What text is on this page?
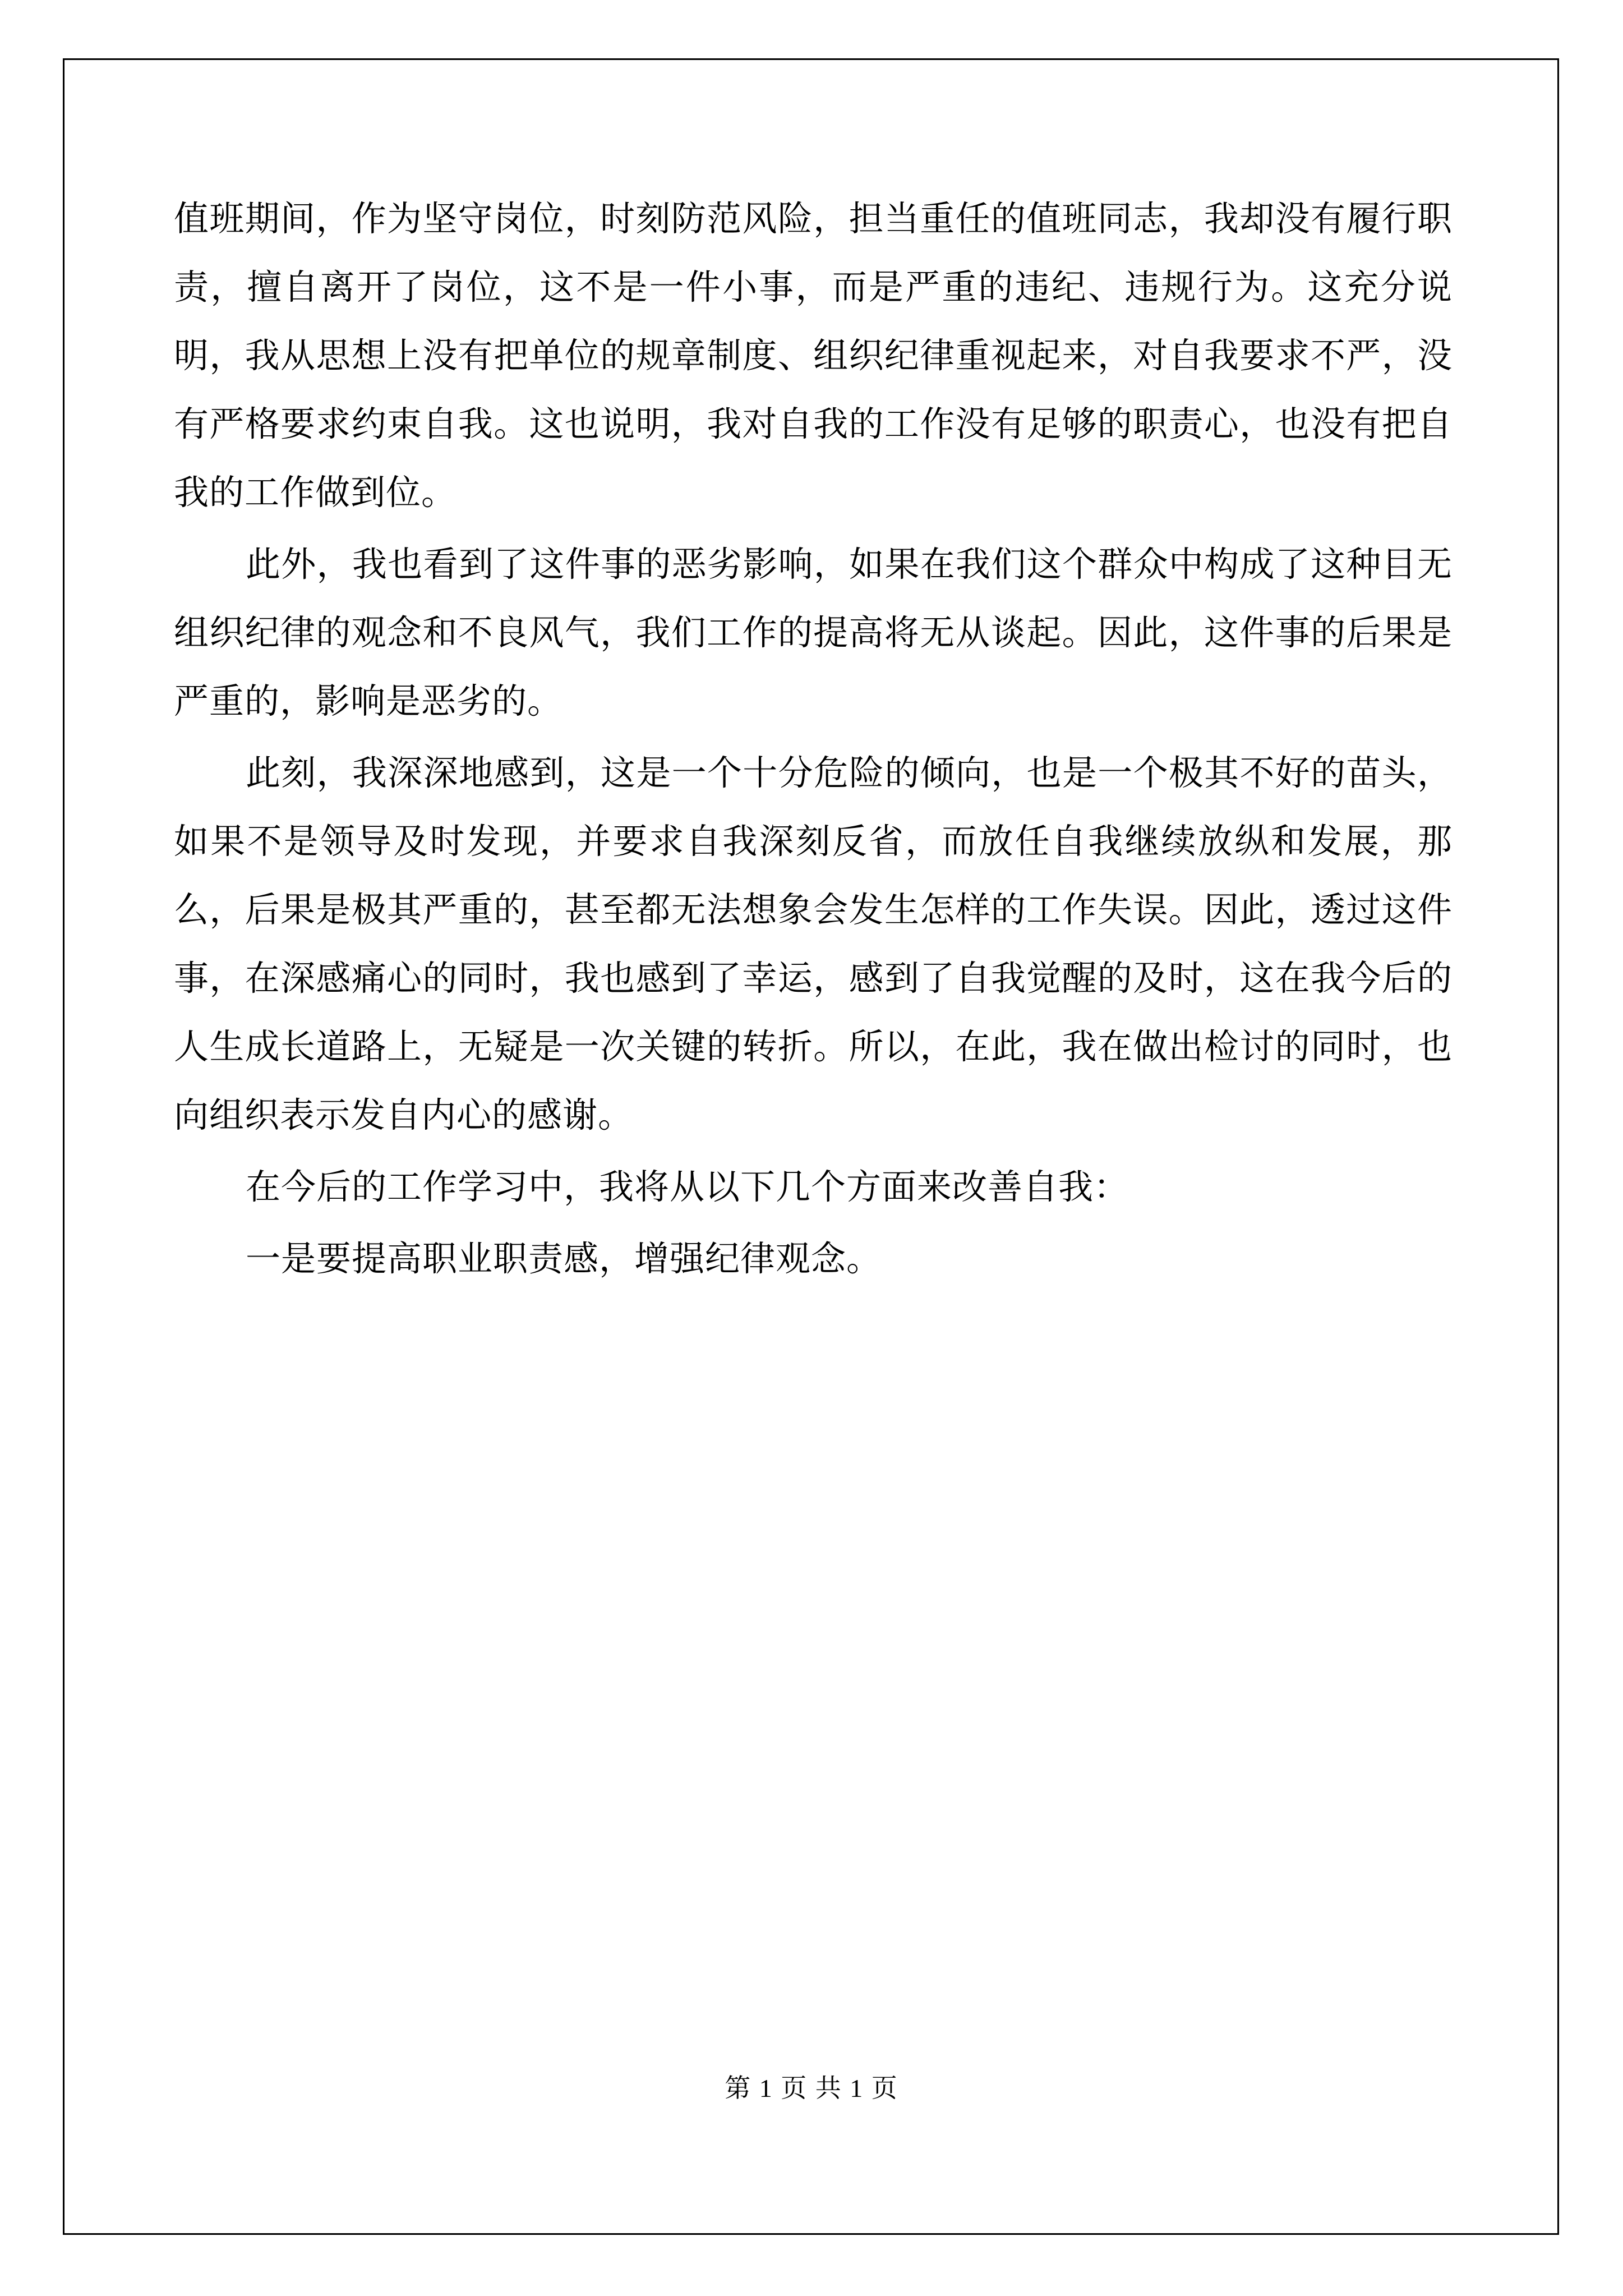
值班期间，作为坚守岗位，时刻防范风险，担当重任的值班同志，我却没有履行职责，擅自离开了岗位，这不是一件小事，而是严重的违纪、违规行为。这充分说明，我从思想上没有把单位的规章制度、组织纪律重视起来，对自我要求不严，没有严格要求约束自我。这也说明，我对自我的工作没有足够的职责心，也没有把自我的工作做到位。

此外，我也看到了这件事的恶劣影响，如果在我们这个群众中构成了这种目无组织纪律的观念和不良风气，我们工作的提高将无从谈起。因此，这件事的后果是严重的，影响是恶劣的。

此刻，我深深地感到，这是一个十分危险的倾向，也是一个极其不好的苗头，如果不是领导及时发现，并要求自我深刻反省，而放任自我继续放纵和发展，那么，后果是极其严重的，甚至都无法想象会发生怎样的工作失误。因此，透过这件事，在深感痛心的同时，我也感到了幸运，感到了自我觉醒的及时，这在我今后的人生成长道路上，无疑是一次关键的转折。所以，在此，我在做出检讨的同时，也向组织表示发自内心的感谢。

在今后的工作学习中，我将从以下几个方面来改善自我：

一是要提高职业职责感，增强纪律观念。

第 1 页 共 1 页
